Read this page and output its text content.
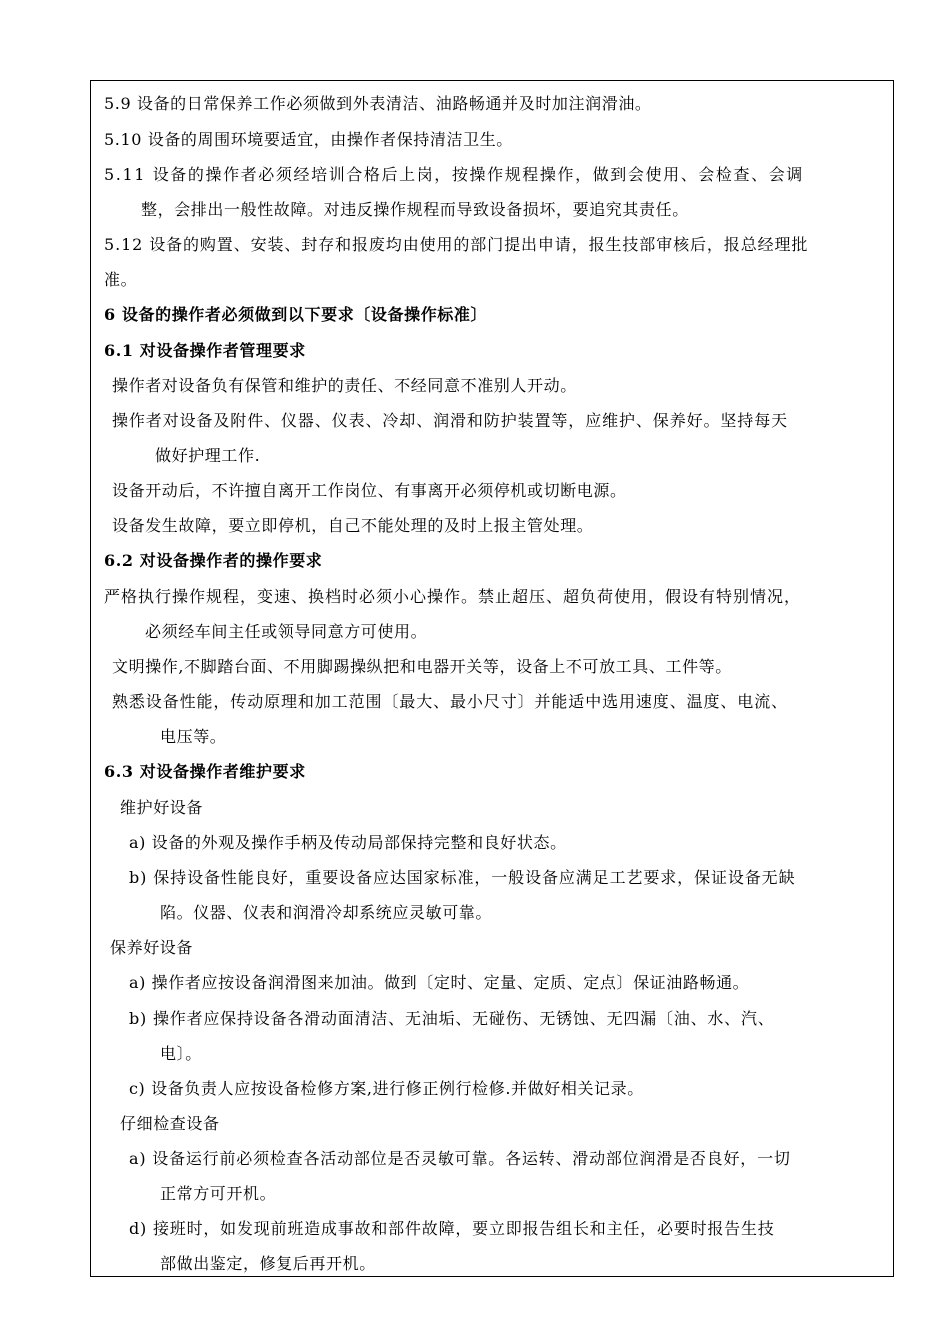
5.9 设备的日常保养工作必须做到外表清洁、油路畅通并及时加注润滑油。
5.10 设备的周围环境要适宜，由操作者保持清洁卫生。
5.11 设备的操作者必须经培训合格后上岗，按操作规程操作，做到会使用、会检查、会调
整，会排出一般性故障。对违反操作规程而导致设备损坏，要追究其责任。
5.12 设备的购置、安装、封存和报废均由使用的部门提出申请，报生技部审核后，报总经理批
准。
6 设备的操作者必须做到以下要求〔设备操作标准〕
6.1 对设备操作者管理要求
操作者对设备负有保管和维护的责任、不经同意不准别人开动。
操作者对设备及附件、仪器、仪表、冷却、润滑和防护装置等，应维护、保养好。坚持每天
做好护理工作.
设备开动后，不许擅自离开工作岗位、有事离开必须停机或切断电源。
设备发生故障，要立即停机，自己不能处理的及时上报主管处理。
6.2 对设备操作者的操作要求
严格执行操作规程，变速、换档时必须小心操作。禁止超压、超负荷使用，假设有特别情况，
必须经车间主任或领导同意方可使用。
文明操作,不脚踏台面、不用脚踢操纵把和电器开关等，设备上不可放工具、工件等。
熟悉设备性能，传动原理和加工范围〔最大、最小尺寸〕并能适中选用速度、温度、电流、
电压等。
6.3 对设备操作者维护要求
维护好设备
a) 设备的外观及操作手柄及传动局部保持完整和良好状态。
b) 保持设备性能良好，重要设备应达国家标准，一般设备应满足工艺要求，保证设备无缺
陷。仪器、仪表和润滑冷却系统应灵敏可靠。
保养好设备
a) 操作者应按设备润滑图来加油。做到〔定时、定量、定质、定点〕保证油路畅通。
b) 操作者应保持设备各滑动面清洁、无油垢、无碰伤、无锈蚀、无四漏〔油、水、汽、
电〕。
c) 设备负责人应按设备检修方案,进行修正例行检修.并做好相关记录。
仔细检查设备
a) 设备运行前必须检查各活动部位是否灵敏可靠。各运转、滑动部位润滑是否良好，一切
正常方可开机。
d) 接班时，如发现前班造成事故和部件故障，要立即报告组长和主任，必要时报告生技
部做出鉴定，修复后再开机。
